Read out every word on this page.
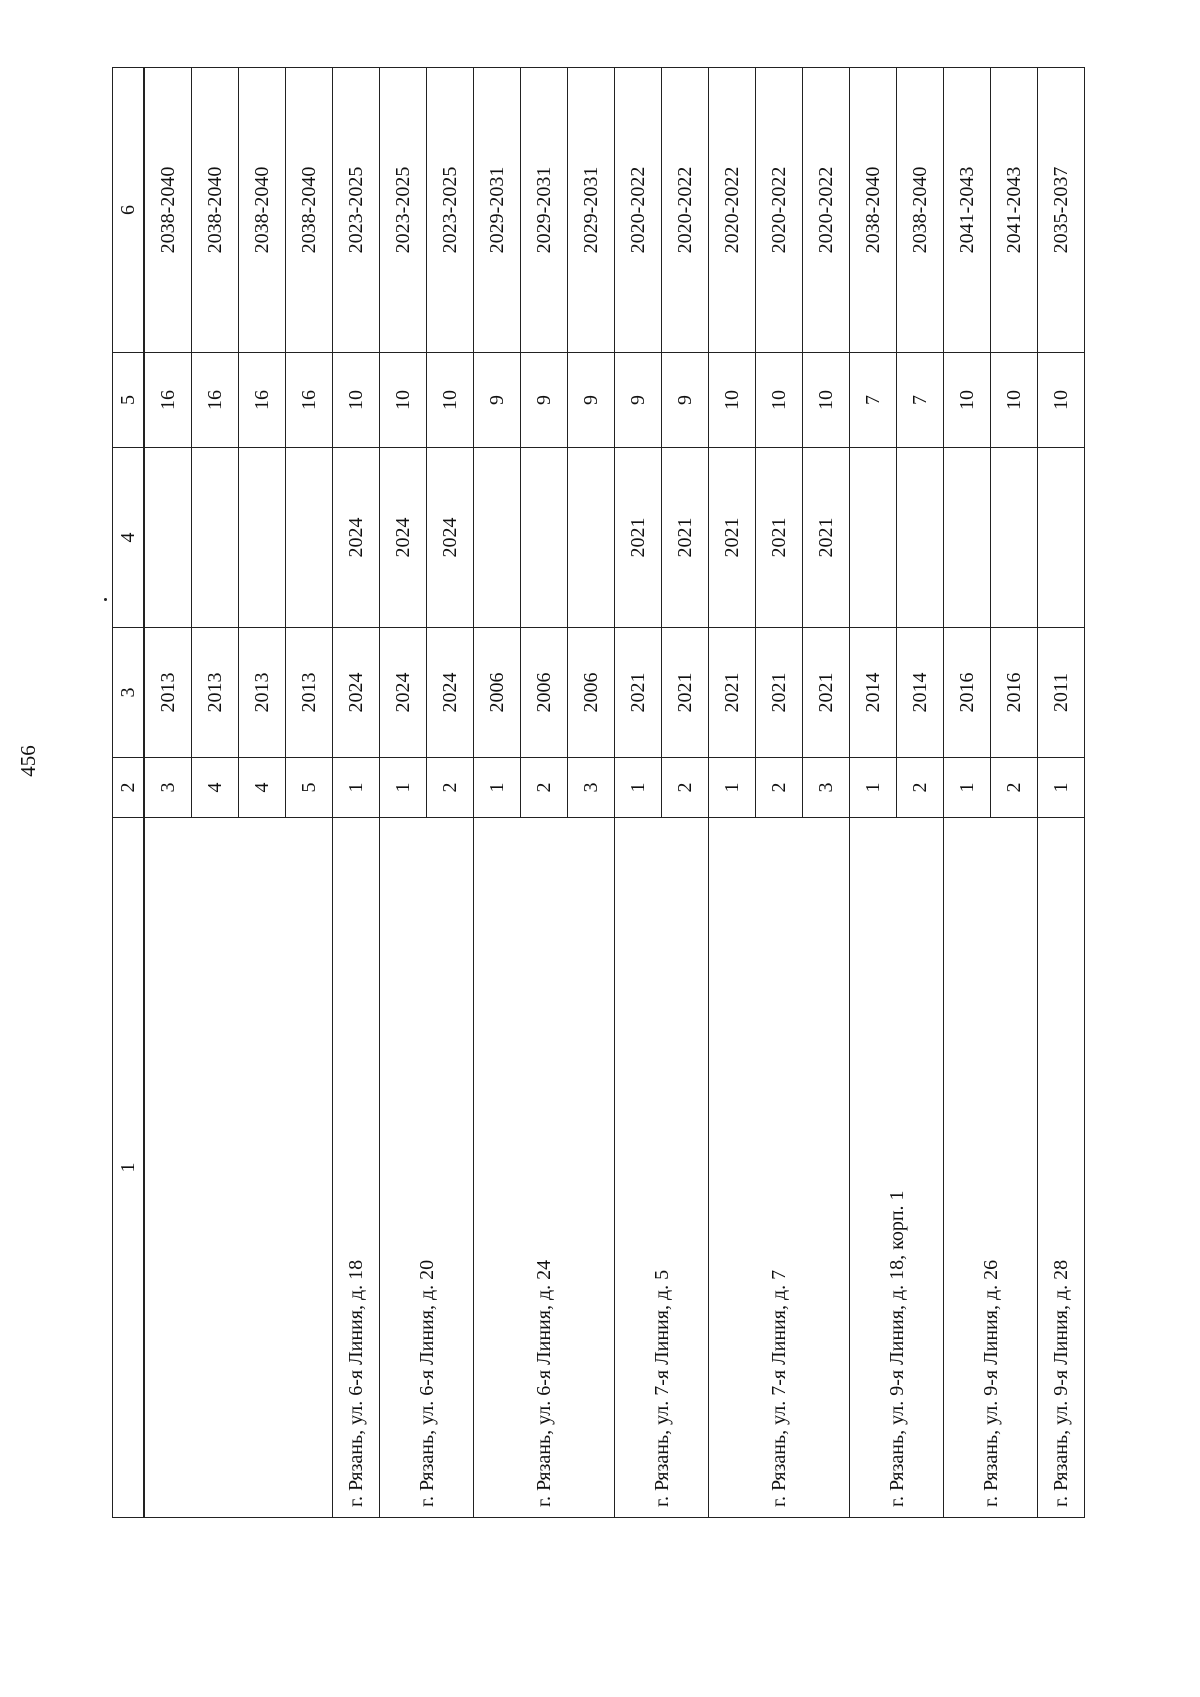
456
1	2	3	4	5	6
	3	2013		16	2038-2040
	4	2013		16	2038-2040
	4	2013		16	2038-2040
	5	2013		16	2038-2040
г. Рязань, ул. 6-я Линия, д. 18	1	2024	2024	10	2023-2025
г. Рязань, ул. 6-я Линия, д. 20	1	2024	2024	10	2023-2025
	2	2024	2024	10	2023-2025
г. Рязань, ул. 6-я Линия, д. 24	1	2006		9	2029-2031
	2	2006		9	2029-2031
	3	2006		9	2029-2031
г. Рязань, ул. 7-я Линия, д. 5	1	2021	2021	9	2020-2022
	2	2021	2021	9	2020-2022
г. Рязань, ул. 7-я Линия, д. 7	1	2021	2021	10	2020-2022
	2	2021	2021	10	2020-2022
	3	2021	2021	10	2020-2022
г. Рязань, ул. 9-я Линия, д. 18, корп. 1	1	2014		7	2038-2040
	2	2014		7	2038-2040
г. Рязань, ул. 9-я Линия, д. 26	1	2016		10	2041-2043
	2	2016		10	2041-2043
г. Рязань, ул. 9-я Линия, д. 28	1	2011		10	2035-2037
